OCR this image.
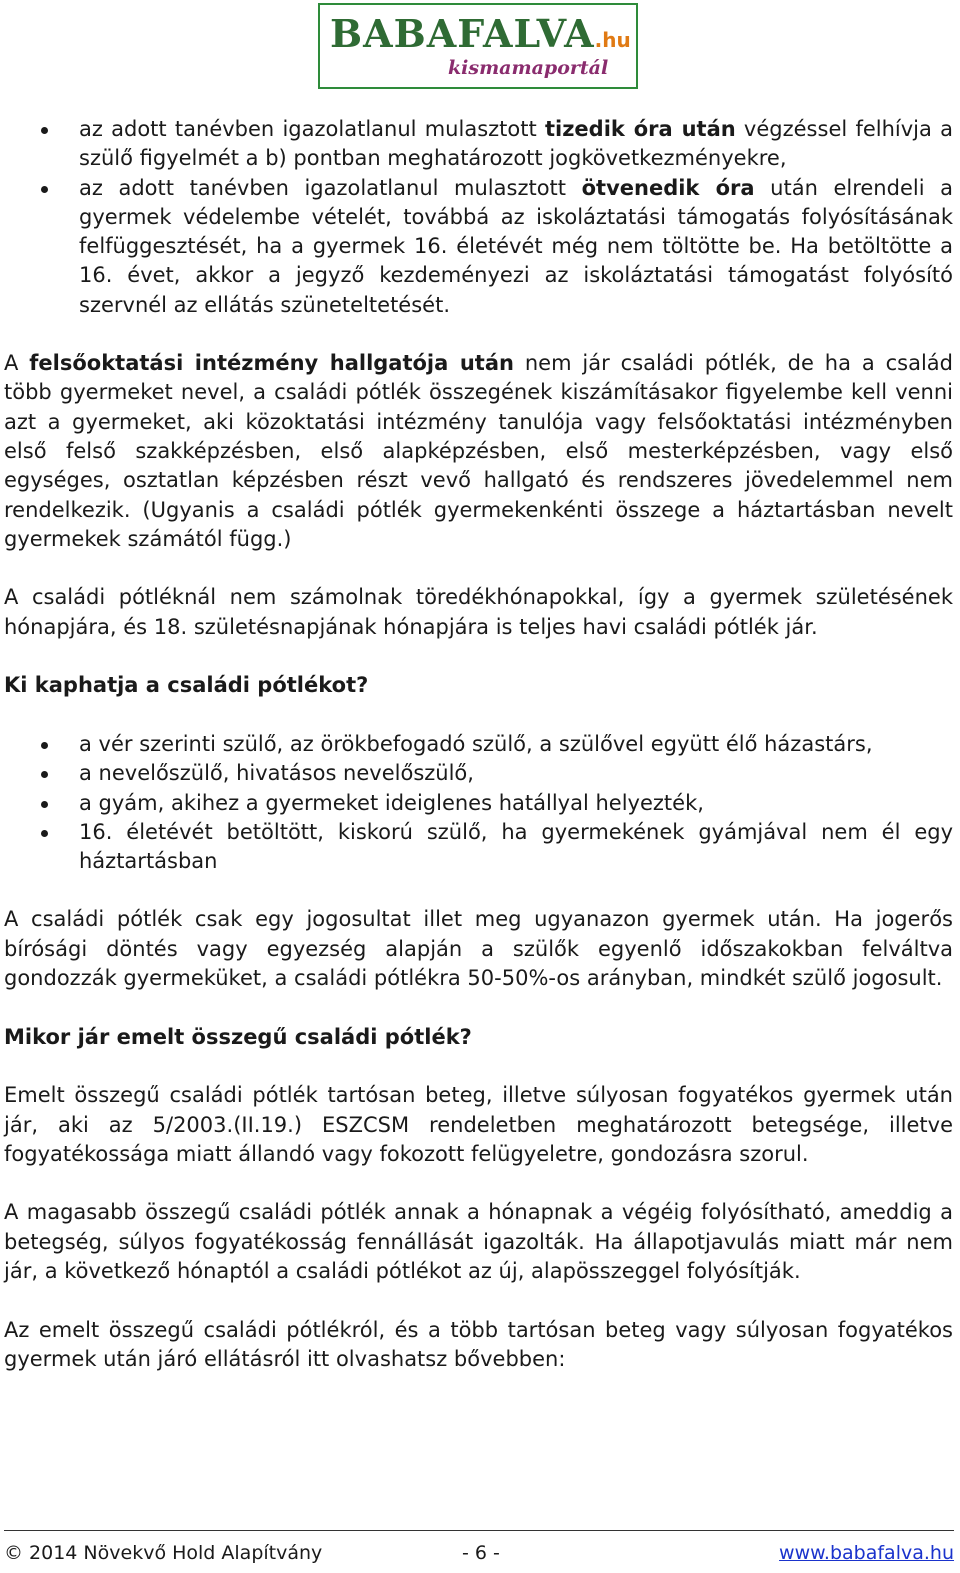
BABAFALVA.hu
kismamaportál
az adott tanévben igazolatlanul mulasztott tizedik óra után végzéssel felhívja a szülő figyelmét a b) pontban meghatározott jogkövetkezményekre,
az adott tanévben igazolatlanul mulasztott ötvenedik óra után elrendeli a gyermek védelembe vételét, továbbá az iskoláztatási támogatás folyósításának felfüggesztését, ha a gyermek 16. életévét még nem töltötte be. Ha betöltötte a 16. évet, akkor a jegyző kezdeményezi az iskoláztatási támogatást folyósító szervnél az ellátás szüneteltetését.

A felsőoktatási intézmény hallgatója után nem jár családi pótlék, de ha a család több gyermeket nevel, a családi pótlék összegének kiszámításakor figyelembe kell venni azt a gyermeket, aki közoktatási intézmény tanulója vagy felsőoktatási intézményben első felső szakképzésben, első alapképzésben, első mesterképzésben, vagy első egységes, osztatlan képzésben részt vevő hallgató és rendszeres jövedelemmel nem rendelkezik. (Ugyanis a családi pótlék gyermekenkénti összege a háztartásban nevelt gyermekek számától függ.)

A családi pótléknál nem számolnak töredékhónapokkal, így a gyermek születésének hónapjára, és 18. születésnapjának hónapjára is teljes havi családi pótlék jár.

Ki kaphatja a családi pótlékot?
a vér szerinti szülő, az örökbefogadó szülő, a szülővel együtt élő házastárs,
a nevelőszülő, hivatásos nevelőszülő,
a gyám, akihez a gyermeket ideiglenes hatállyal helyezték,
16. életévét betöltött, kiskorú szülő, ha gyermekének gyámjával nem él egy háztartásban

A családi pótlék csak egy jogosultat illet meg ugyanazon gyermek után. Ha jogerős bírósági döntés vagy egyezség alapján a szülők egyenlő időszakokban felváltva gondozzák gyermeküket, a családi pótlékra 50-50%-os arányban, mindkét szülő jogosult.

Mikor jár emelt összegű családi pótlék?

Emelt összegű családi pótlék tartósan beteg, illetve súlyosan fogyatékos gyermek után jár, aki az 5/2003.(II.19.) ESZCSM rendeletben meghatározott betegsége, illetve fogyatékossága miatt állandó vagy fokozott felügyeletre, gondozásra szorul.

A magasabb összegű családi pótlék annak a hónapnak a végéig folyósítható, ameddig a betegség, súlyos fogyatékosság fennállását igazolták. Ha állapotjavulás miatt már nem jár, a következő hónaptól a családi pótlékot az új, alapösszeggel folyósítják.

Az emelt összegű családi pótlékról, és a több tartósan beteg vagy súlyosan fogyatékos gyermek után járó ellátásról itt olvashatsz bővebben:

© 2014 Növekvő Hold Alapítvány	- 6 -	www.babafalva.hu
